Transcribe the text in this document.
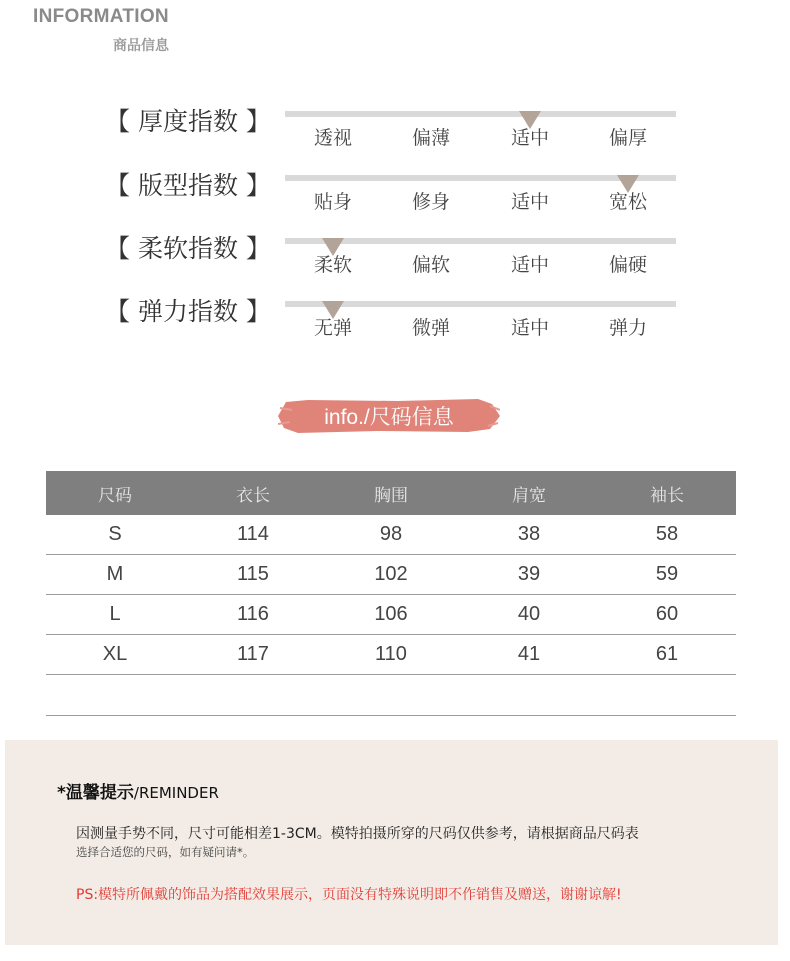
INFORMATION
商品信息
【 厚度指数 】
透视	偏薄	适中	偏厚
【 版型指数 】
贴身	修身	适中	宽松
【 柔软指数 】
柔软	偏软	适中	偏硬
【 弹力指数 】
无弹	微弹	适中	弹力
info./尺码信息
尺码	衣长	胸围	肩宽	袖长
S	114	98	38	58
M	115	102	39	59
L	116	106	40	60
XL	117	110	41	61

*温馨提示/REMINDER
因测量手势不同，尺寸可能相差1-3CM。模特拍摄所穿的尺码仅供参考，请根据商品尺码表
选择合适您的尺码，如有疑问请*。
PS:模特所佩戴的饰品为搭配效果展示，页面没有特殊说明即不作销售及赠送，谢谢谅解!
